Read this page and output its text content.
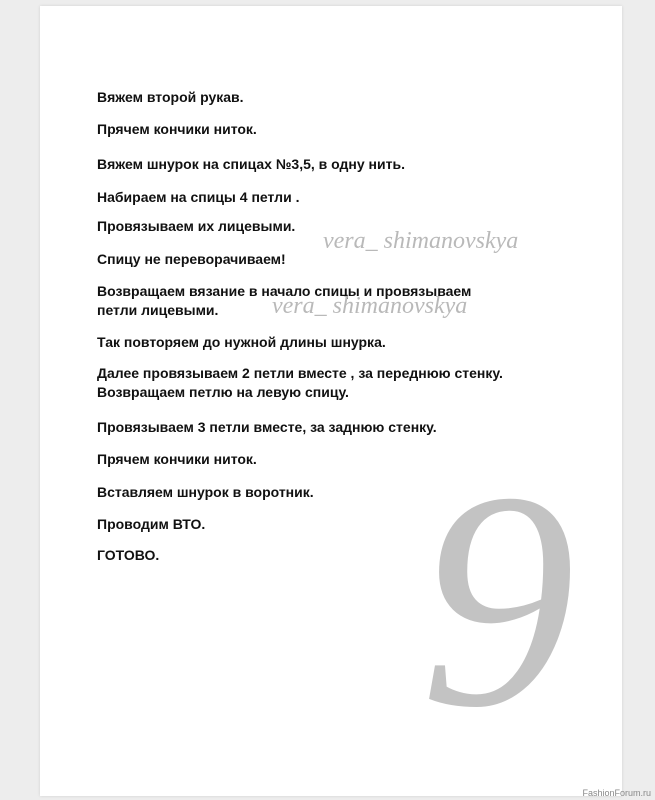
Вяжем второй рукав.
Прячем кончики ниток.
Вяжем шнурок на спицах №3,5, в одну нить.
Набираем на спицы 4 петли .
Провязываем их лицевыми.
Спицу не переворачиваем!
Возвращаем вязание в начало спицы и провязываем
петли лицевыми.
Так повторяем до нужной длины шнурка.
Далее провязываем 2 петли вместе , за переднюю стенку.
Возвращаем петлю на левую спицу.
Провязываем 3 петли вместе, за заднюю стенку.
Прячем кончики ниток.
Вставляем шнурок в воротник.
Проводим ВТО.
ГОТОВО.
vera_ shimanovskya
vera_ shimanovskya
9
FashionForum.ru
